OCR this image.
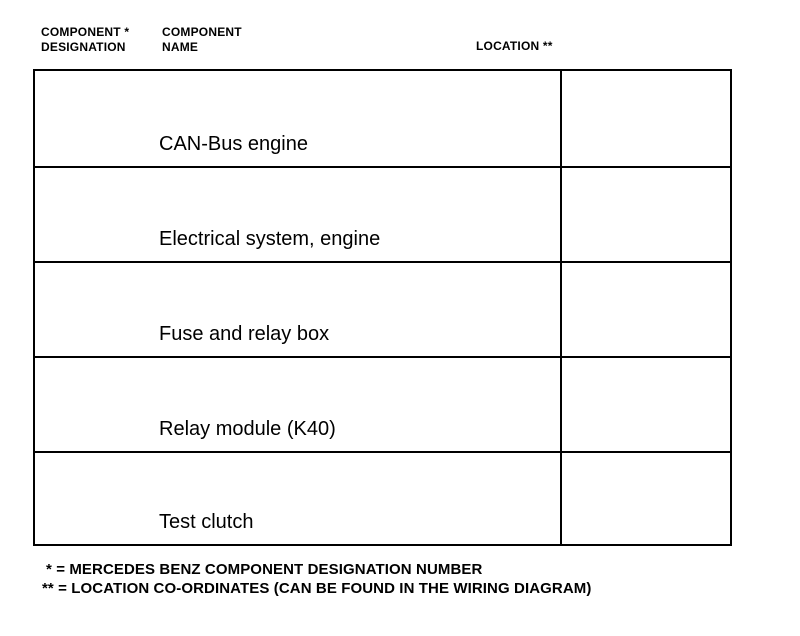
COMPONENT *
DESIGNATION
COMPONENT
NAME	LOCATION **
CAN-Bus engine
Electrical system, engine
Fuse and relay box
Relay module (K40)
Test clutch
* = MERCEDES BENZ COMPONENT DESIGNATION NUMBER
** = LOCATION CO-ORDINATES (CAN BE FOUND IN THE WIRING DIAGRAM)
